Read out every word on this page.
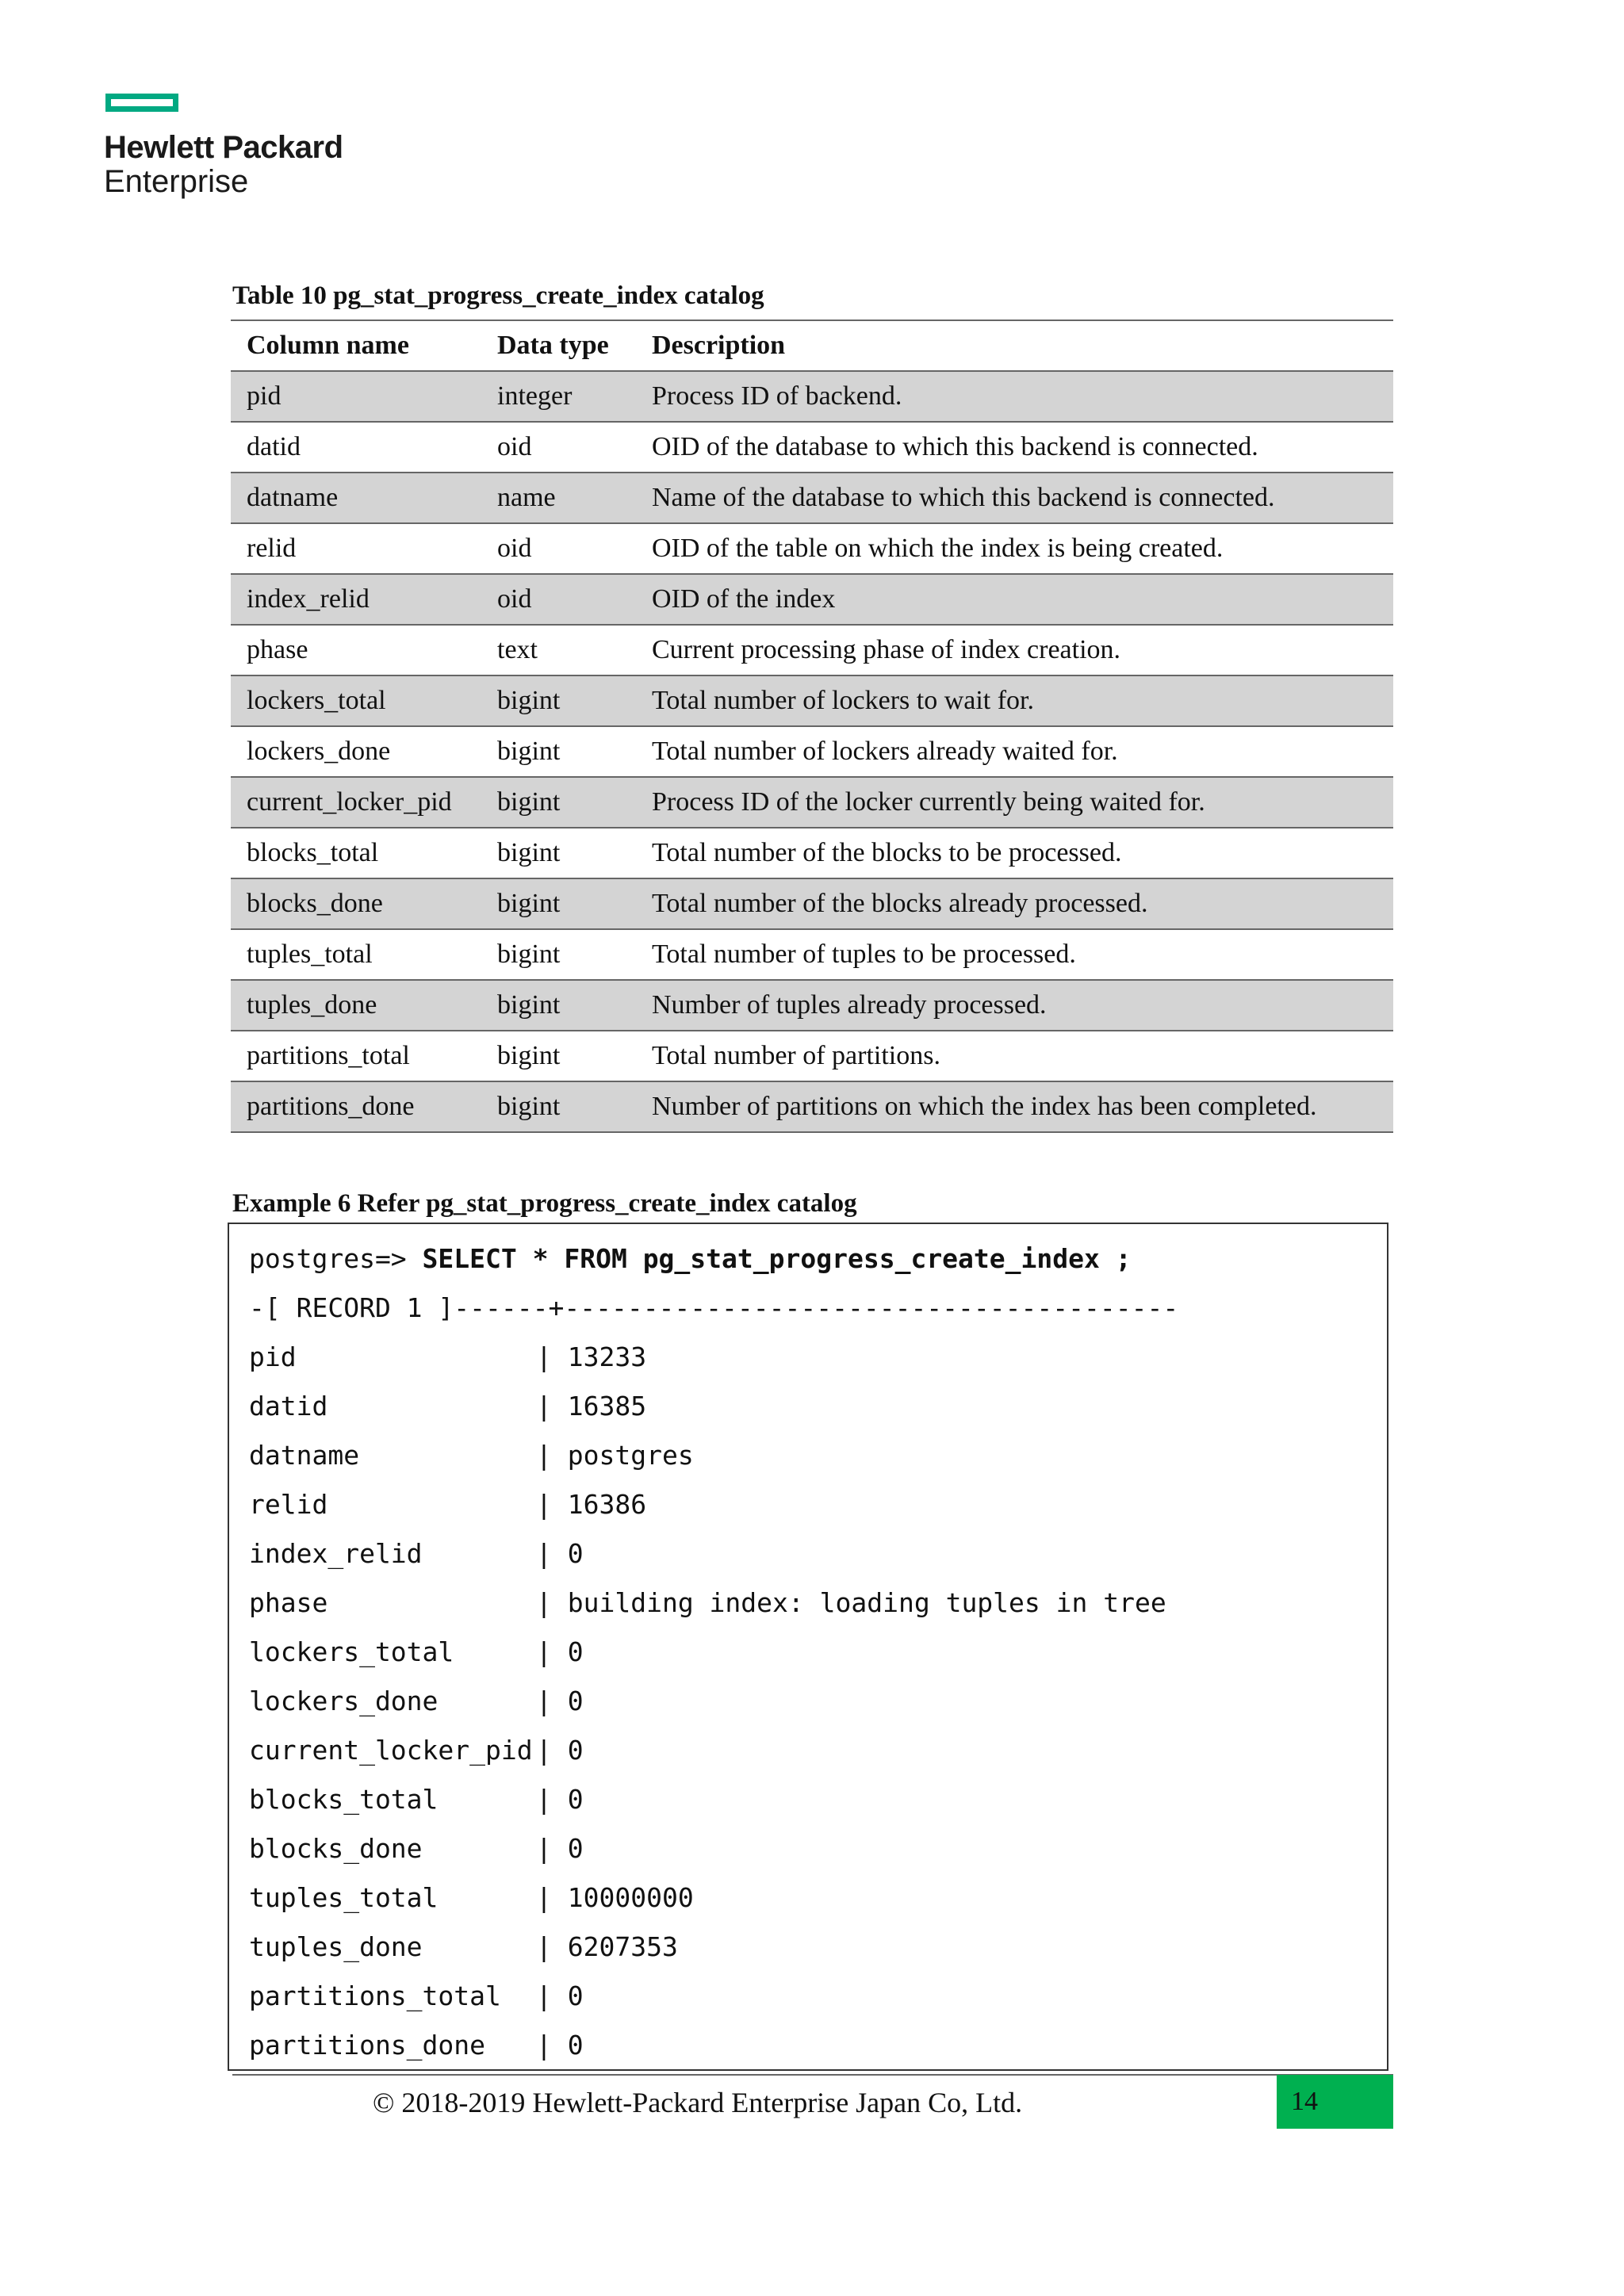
Hewlett Packard
Enterprise
Table 10 pg_stat_progress_create_index catalog
Column name	Data type	Description
pid	integer	Process ID of backend.
datid	oid	OID of the database to which this backend is connected.
datname	name	Name of the database to which this backend is connected.
relid	oid	OID of the table on which the index is being created.
index_relid	oid	OID of the index
phase	text	Current processing phase of index creation.
lockers_total	bigint	Total number of lockers to wait for.
lockers_done	bigint	Total number of lockers already waited for.
current_locker_pid	bigint	Process ID of the locker currently being waited for.
blocks_total	bigint	Total number of the blocks to be processed.
blocks_done	bigint	Total number of the blocks already processed.
tuples_total	bigint	Total number of tuples to be processed.
tuples_done	bigint	Number of tuples already processed.
partitions_total	bigint	Total number of partitions.
partitions_done	bigint	Number of partitions on which the index has been completed.
Example 6 Refer pg_stat_progress_create_index catalog
postgres=> SELECT * FROM pg_stat_progress_create_index ;
-[ RECORD 1 ]------+---------------------------------------
pid	| 13233
datid	| 16385
datname	| postgres
relid	| 16386
index_relid	| 0
phase	| building index: loading tuples in tree
lockers_total	| 0
lockers_done	| 0
current_locker_pid | 0
blocks_total	| 0
blocks_done	| 0
tuples_total	| 10000000
tuples_done	| 6207353
partitions_total | 0
partitions_done | 0
© 2018-2019 Hewlett-Packard Enterprise Japan Co, Ltd.	14
